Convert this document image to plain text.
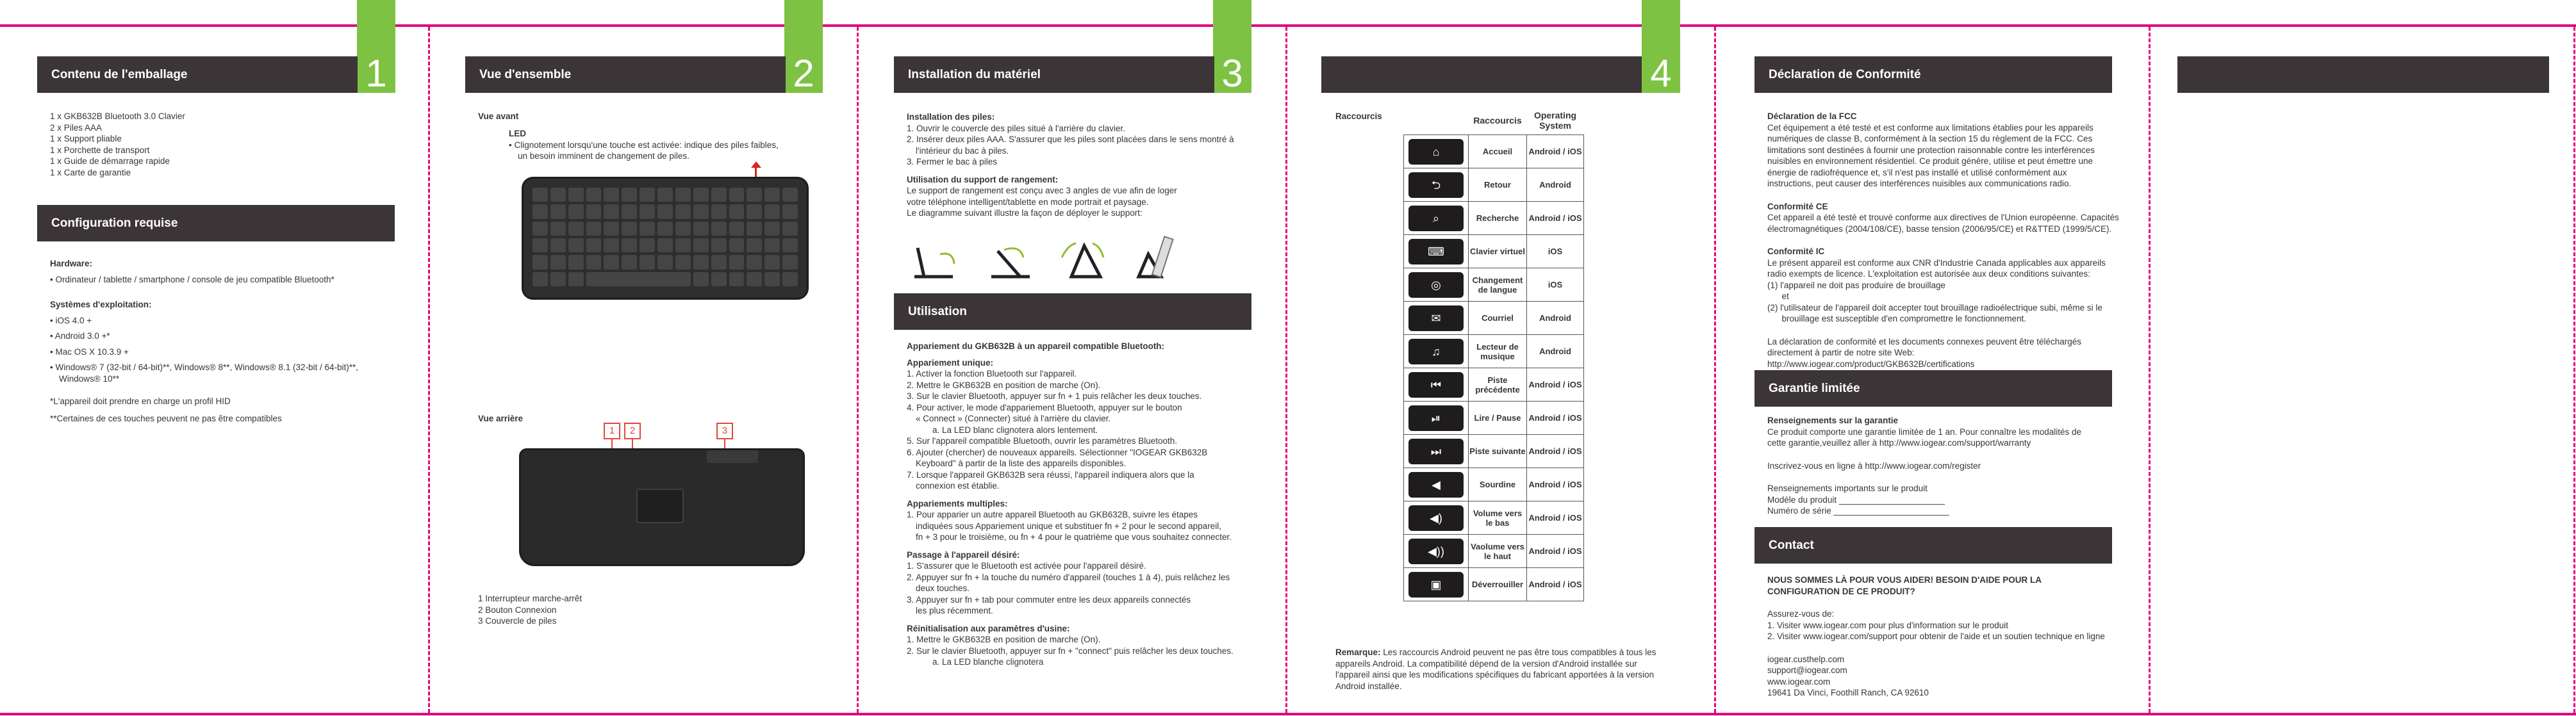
1	2	3	4
Contenu de l'emballage

1 x GKB632B Bluetooth 3.0 Clavier

2 x Piles AAA

1 x Support pliable

1 x Porchette de transport

1 x Guide de démarrage rapide

1 x Carte de garantie

Configuration requise

Hardware:

• Ordinateur / tablette / smartphone / console de jeu compatible Bluetooth*

Systèmes d'exploitation:

• iOS 4.0 +

• Android 3.0 +*

• Mac OS X 10.3.9 +

• Windows® 7 (32-bit / 64-bit)**, Windows® 8**, Windows® 8.1 (32-bit / 64-bit)**,

Windows® 10**

*L'appareil doit prendre en charge un profil HID

**Certaines de ces touches peuvent ne pas être compatibles

Vue d'ensemble

Vue avant

LED

• Clignotement lorsqu'une touche est activée: indique des piles faibles,

un besoin imminent de changement de piles.

Vue arrière

1	2	3

1 Interrupteur marche-arrêt

2 Bouton Connexion

3 Couvercle de piles

Installation du matériel

Installation des piles:

1. Ouvrir le couvercle des piles situé à l'arrière du clavier.

2. Insérer deux piles AAA. S'assurer que les piles sont placées dans le sens montré à

l'intérieur du bac à piles.

3. Fermer le bac à piles

Utilisation du support de rangement:

Le support de rangement est conçu avec 3 angles de vue afin de loger

votre téléphone intelligent/tablette en mode portrait et paysage.

Le diagramme suivant illustre la façon de déployer le support:

Utilisation

Appariement du GKB632B à un appareil compatible Bluetooth:

Appariement unique:

1. Activer la fonction Bluetooth sur l'appareil.

2. Mettre le GKB632B en position de marche (On).

3. Sur le clavier Bluetooth, appuyer sur fn + 1 puis relâcher les deux touches.

4. Pour activer, le mode d'appariement Bluetooth, appuyer sur le bouton

« Connect » (Connecter) situé à l'arrière du clavier.

a. La LED blanc clignotera alors lentement.

5. Sur l'appareil compatible Bluetooth, ouvrir les paramètres Bluetooth.

6. Ajouter (chercher) de nouveaux appareils. Sélectionner "IOGEAR GKB632B

Keyboard" à partir de la liste des appareils disponibles.

7. Lorsque l'appareil GKB632B sera réussi, l'appareil indiquera alors que la

connexion est établie.

Appariements multiples:

1. Pour apparier un autre appareil Bluetooth au GKB632B, suivre les étapes

indiquées sous Appariement unique et substituer fn + 2 pour le second appareil,

fn + 3 pour le troisième, ou fn + 4 pour le quatrième que vous souhaitez connecter.

Passage à l'appareil désiré:

1. S'assurer que le Bluetooth est activée pour l'appareil désiré.

2. Appuyer sur fn + la touche du numéro d'appareil (touches 1 à 4), puis relâchez les

deux touches.

3. Appuyer sur fn + tab pour commuter entre les deux appareils connectés

les plus récemment.

Réinitialisation aux paramètres d'usine:

1. Mettre le GKB632B en position de marche (On).

2. Sur le clavier Bluetooth, appuyer sur fn + "connect" puis relâcher les deux touches.

a. La LED blanche clignotera

Raccourcis

		Raccourcis	Operating System

⌂	Accueil	Android / iOS

⮌	Retour	Android

⌕	Recherche	Android / iOS

⌨	Clavier virtuel	iOS

◎	Changement de langue	iOS

✉	Courriel	Android

♫	Lecteur de musique	Android

⏮	Piste précédente	Android / iOS

⏯	Lire / Pause	Android / iOS

⏭	Piste suivante	Android / iOS

◀	Sourdine	Android / iOS

◀)	Volume vers le bas	Android / iOS

◀))	Vaolume vers le haut	Android / iOS

▣	Déverrouiller	Android / iOS

Remarque: Les raccourcis Android peuvent ne pas être tous compatibles à tous les

appareils Android. La compatibilité dépend de la version d'Android installée sur

l'appareil ainsi que les modifications spécifiques du fabricant apportées à la version

Android installée.

Déclaration de Conformité

Déclaration de la FCC

Cet équipement a été testé et est conforme aux limitations établies pour les appareils

numériques de classe B, conformément à la section 15 du règlement de la FCC. Ces

limitations sont destinées à fournir une protection raisonnable contre les interférences

nuisibles en environnement résidentiel. Ce produit génère, utilise et peut émettre une

énergie de radiofréquence et, s'il n'est pas installé et utilisé conformément aux

instructions, peut causer des interférences nuisibles aux communications radio.

Conformité CE

Cet appareil a été testé et trouvé conforme aux directives de l'Union européenne. Capacités

électromagnétiques (2004/108/CE), basse tension (2006/95/CE) et R&TTED (1999/5/CE).

Conformité IC

Le présent appareil est conforme aux CNR d'Industrie Canada applicables aux appareils

radio exempts de licence. L'exploitation est autorisée aux deux conditions suivantes:

(1) l'appareil ne doit pas produire de brouillage

et

(2) l'utilisateur de l'appareil doit accepter tout brouillage radioélectrique subi, même si le

brouillage est susceptible d'en compromettre le fonctionnement.

La déclaration de conformité et les documents connexes peuvent être téléchargés

directement à partir de notre site Web:

http://www.iogear.com/product/GKB632B/certifications

Garantie limitée

Renseignements sur la garantie

Ce produit comporte une garantie limitée de 1 an. Pour connaître les modalités de

cette garantie,veuillez aller à http://www.iogear.com/support/warranty

Inscrivez-vous en ligne à http://www.iogear.com/register

Renseignements importants sur le produit

Modèle du produit ______________________

Numéro de série ________________________

Contact

NOUS SOMMES LÀ POUR VOUS AIDER! BESOIN D'AIDE POUR LA

CONFIGURATION DE CE PRODUIT?

Assurez-vous de:

1. Visiter www.iogear.com pour plus d'information sur le produit

2. Visiter www.iogear.com/support pour obtenir de l'aide et un soutien technique en ligne

iogear.custhelp.com

support@iogear.com

www.iogear.com

19641 Da Vinci, Foothill Ranch, CA 92610
